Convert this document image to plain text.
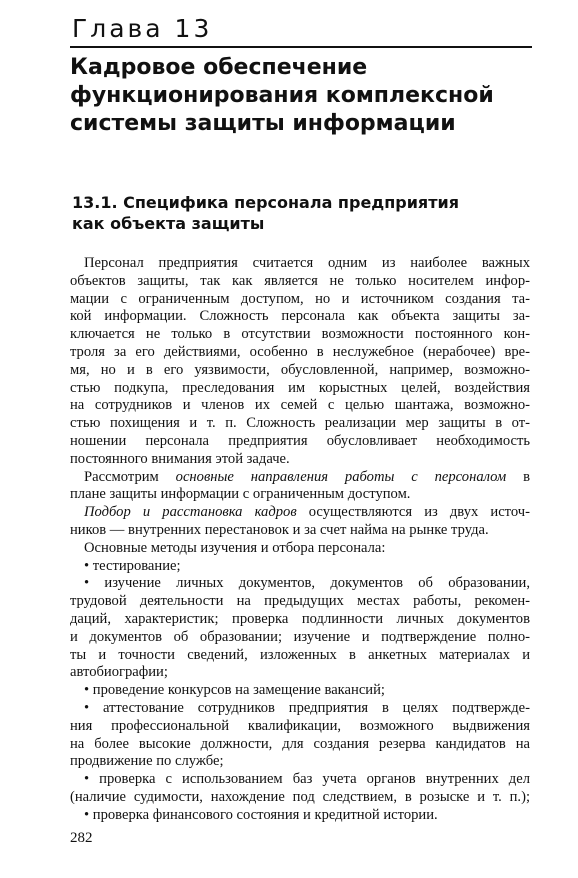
Глава 13
Кадровое обеспечение
функционирования комплексной
системы защиты информации
13.1. Специфика персонала предприятия
как объекта защиты
Персонал предприятия считается одним из наиболее важных
объектов защиты, так как является не только носителем инфор-
мации с ограниченным доступом, но и источником создания та-
кой информации. Сложность персонала как объекта защиты за-
ключается не только в отсутствии возможности постоянного кон-
троля за его действиями, особенно в неслужебное (нерабочее) вре-
мя, но и в его уязвимости, обусловленной, например, возможно-
стью подкупа, преследования им корыстных целей, воздействия
на сотрудников и членов их семей с целью шантажа, возможно-
стью похищения и т. п. Сложность реализации мер защиты в от-
ношении персонала предприятия обусловливает необходимость
постоянного внимания этой задаче.
Рассмотрим основные направления работы с персоналом в
плане защиты информации с ограниченным доступом.
Подбор и расстановка кадров осуществляются из двух источ-
ников — внутренних перестановок и за счет найма на рынке труда.
Основные методы изучения и отбора персонала:
• тестирование;
• изучение личных документов, документов об образовании,
трудовой деятельности на предыдущих местах работы, рекомен-
даций, характеристик; проверка подлинности личных документов
и документов об образовании; изучение и подтверждение полно-
ты и точности сведений, изложенных в анкетных материалах и
автобиографии;
• проведение конкурсов на замещение вакансий;
• аттестование сотрудников предприятия в целях подтвержде-
ния профессиональной квалификации, возможного выдвижения
на более высокие должности, для создания резерва кандидатов на
продвижение по службе;
• проверка с использованием баз учета органов внутренних дел
(наличие судимости, нахождение под следствием, в розыске и т. п.);
• проверка финансового состояния и кредитной истории.
282
